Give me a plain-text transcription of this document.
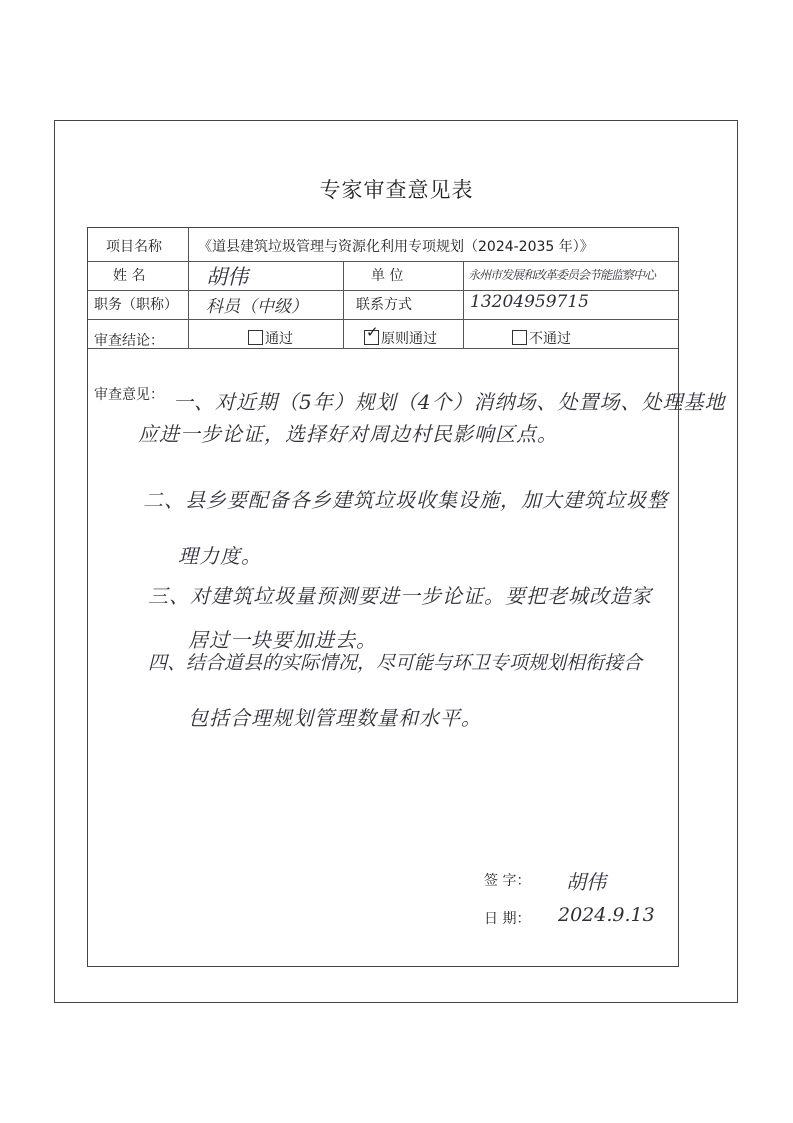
专家审查意见表
项目名称	《道县建筑垃圾管理与资源化利用专项规划（2024-2035 年）》
姓 名	胡伟	单 位	永州市发展和改革委员会节能监察中心
职务（职称） 科员（中级）	联系方式	13204959715
审查结论：	通过	✓ 原则通过	不通过
审查意见： 一、对近期（5年）规划（4个）消纳场、处置场、处理基地
应进一步论证，选择好对周边村民影响区点。
二、县乡要配备各乡建筑垃圾收集设施，加大建筑垃圾整
理力度。
三、对建筑垃圾量预测要进一步论证。要把老城改造家
居过一块要加进去。
四、结合道县的实际情况，尽可能与环卫专项规划相衔接合
包括合理规划管理数量和水平。
签 字： 胡伟
日 期： 2024.9.13
